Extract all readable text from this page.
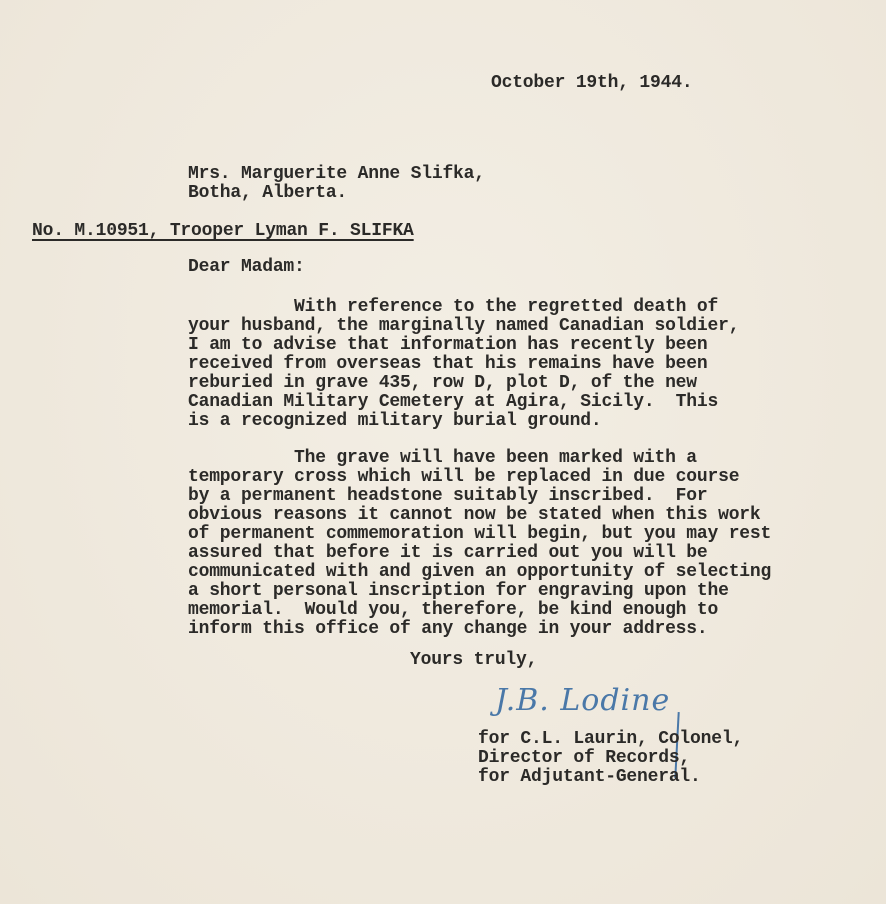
October 19th, 1944.
Mrs. Marguerite Anne Slifka,
Botha, Alberta.
No. M.10951, Trooper Lyman F. SLIFKA
Dear Madam:
With reference to the regretted death of
your husband, the marginally named Canadian soldier,
I am to advise that information has recently been
received from overseas that his remains have been
reburied in grave 435, row D, plot D, of the new
Canadian Military Cemetery at Agira, Sicily.  This
is a recognized military burial ground.
The grave will have been marked with a
temporary cross which will be replaced in due course
by a permanent headstone suitably inscribed.  For
obvious reasons it cannot now be stated when this work
of permanent commemoration will begin, but you may rest
assured that before it is carried out you will be
communicated with and given an opportunity of selecting
a short personal inscription for engraving upon the
memorial.  Would you, therefore, be kind enough to
inform this office of any change in your address.
Yours truly,
J.B. Lodine
for C.L. Laurin, Colonel,
Director of Records,
for Adjutant-General.
